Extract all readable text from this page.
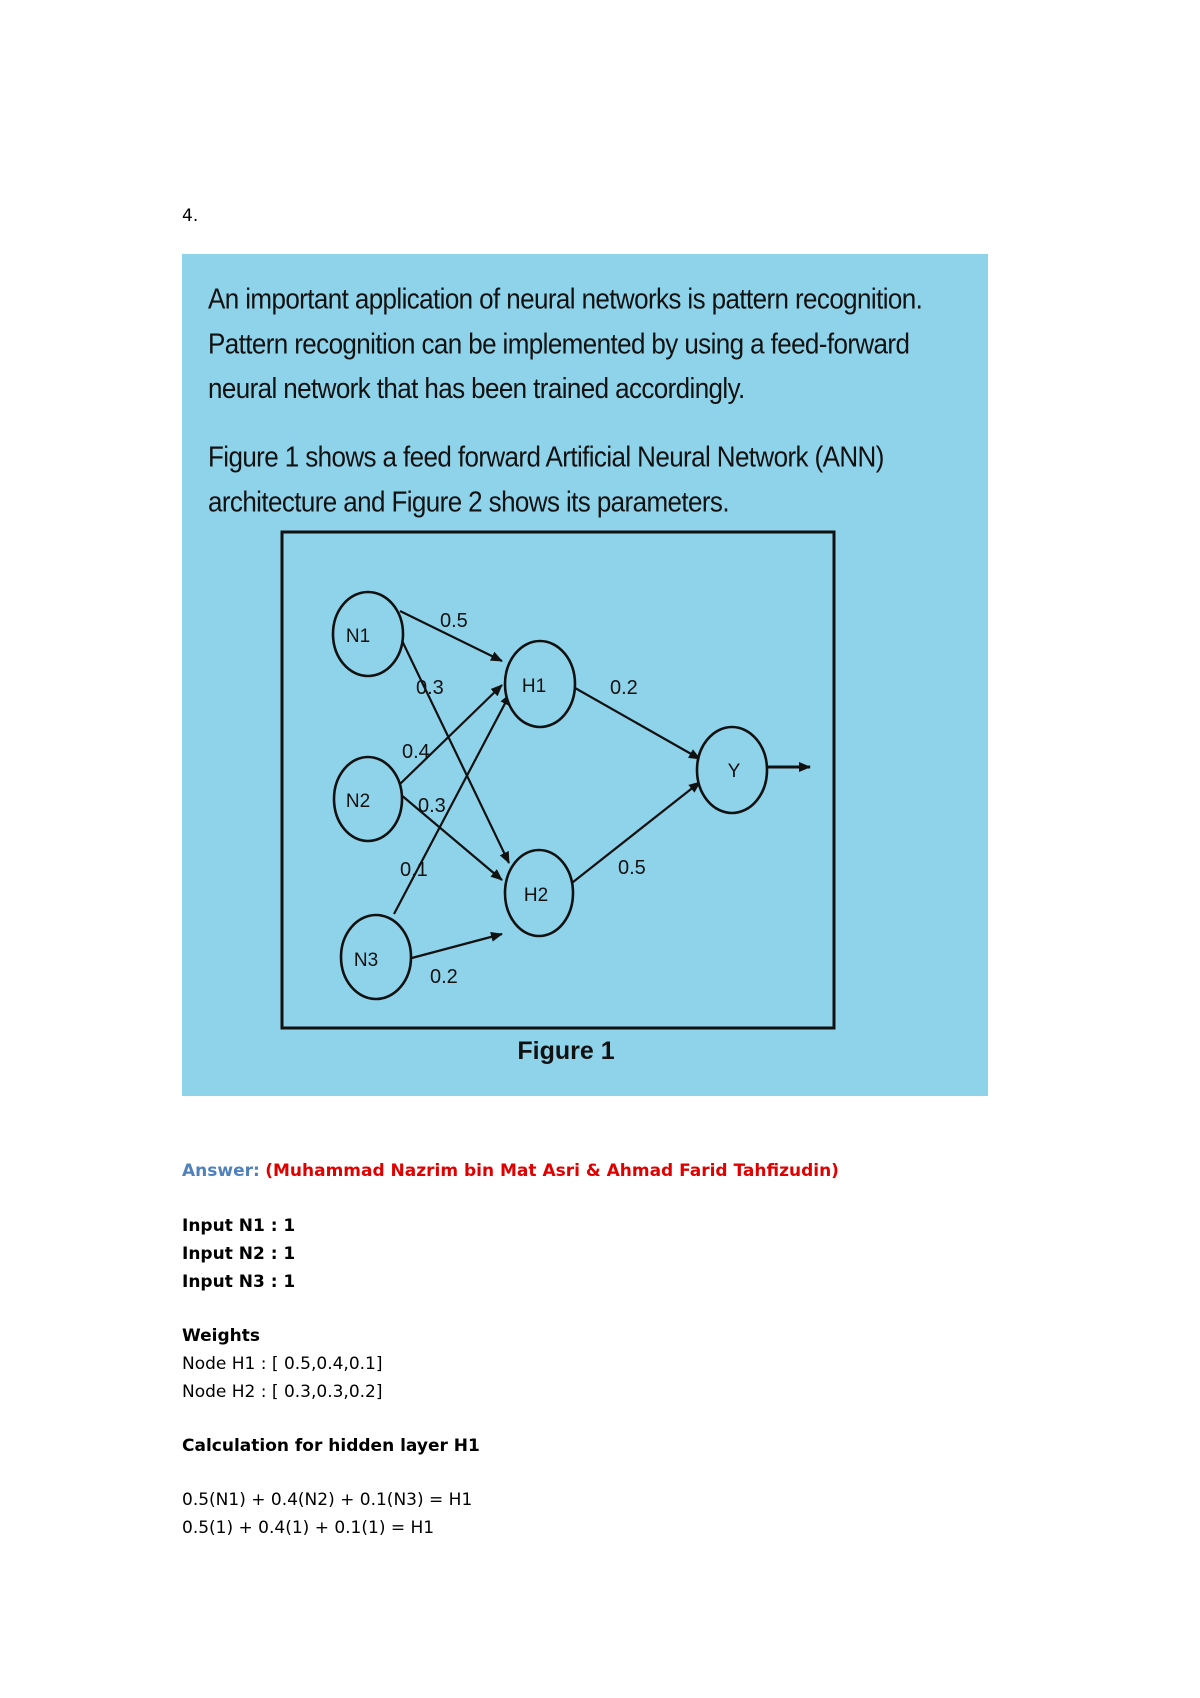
4.

An important application of neural networks is pattern recognition. Pattern recognition can be implemented by using a feed-forward neural network that has been trained accordingly.

Figure 1 shows a feed forward Artificial Neural Network (ANN) architecture and Figure 2 shows its parameters.

N1
N2
N3
H1
H2
Y
0.5
0.3
0.4
0.3
0.1
0.2
0.2
0.5
Figure 1
Answer: (Muhammad Nazrim bin Mat Asri & Ahmad Farid Tahfizudin)
Input N1 : 1
Input N2 : 1
Input N3 : 1
Weights
Node H1 : [ 0.5,0.4,0.1]
Node H2 : [ 0.3,0.3,0.2]
Calculation for hidden layer H1
0.5(N1) + 0.4(N2) + 0.1(N3) = H1
0.5(1) + 0.4(1) + 0.1(1) = H1
